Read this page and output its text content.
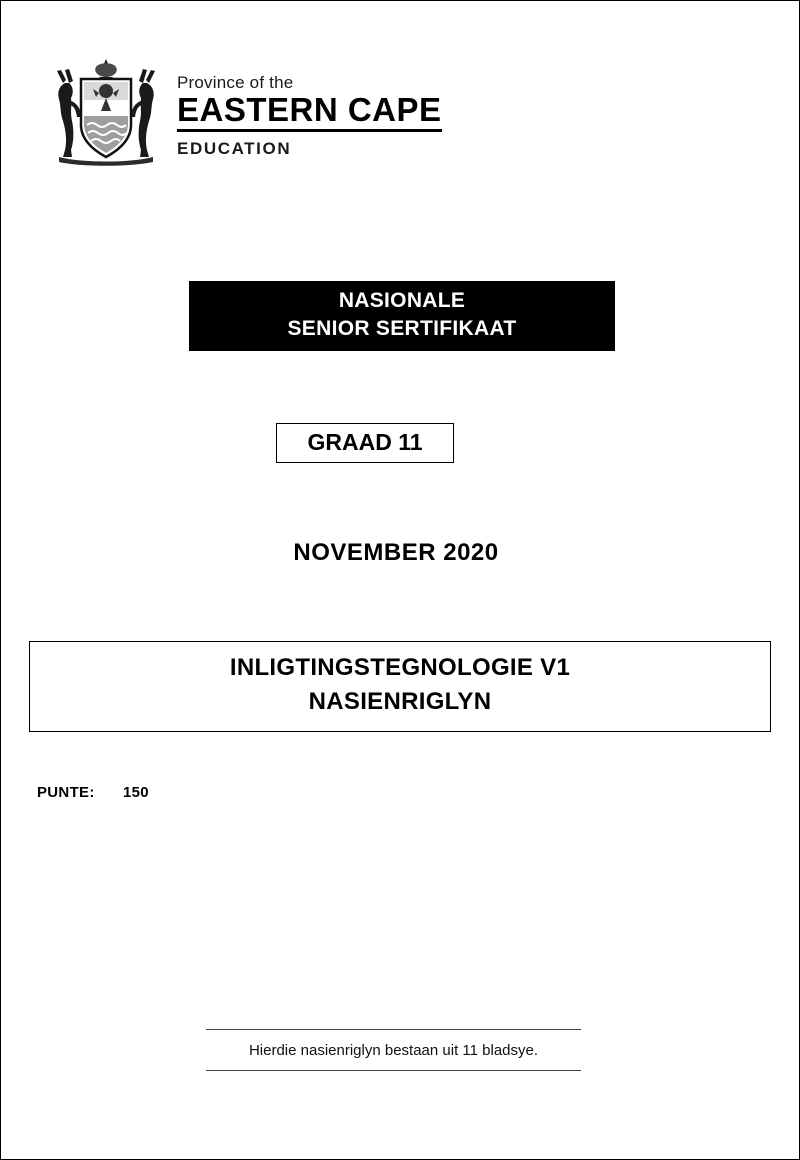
Province of the
EASTERN CAPE
EDUCATION
NASIONALE
SENIOR SERTIFIKAAT
GRAAD 11
NOVEMBER 2020
INLIGTINGSTEGNOLOGIE V1
NASIENRIGLYN
PUNTE: 150
Hierdie nasienriglyn bestaan uit 11 bladsye.
